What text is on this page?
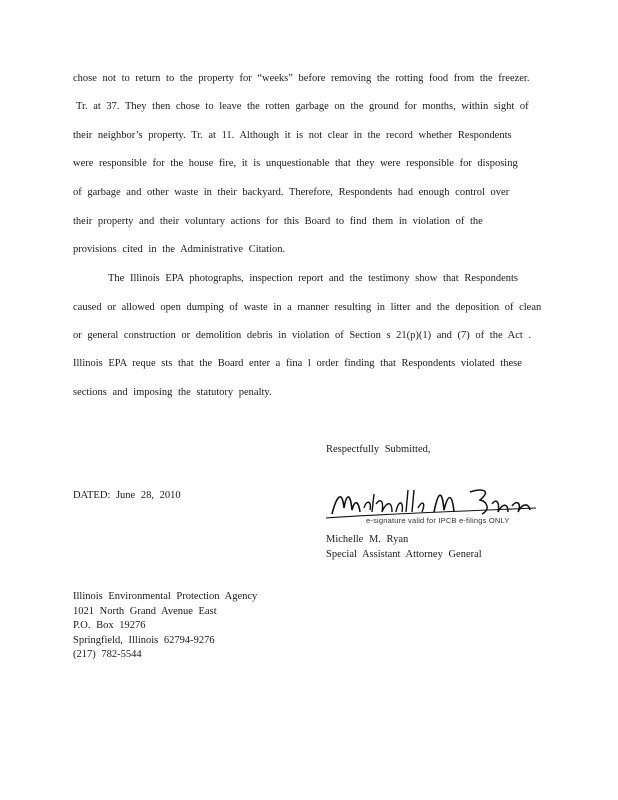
chose not to return to the property for “weeks” before removing the rotting food from the freezer.
Tr. at 37. They then chose to leave the rotten garbage on the ground for months, within sight of
their neighbor’s property. Tr. at 11. Although it is not clear in the record whether Respondents
were responsible for the house fire, it is unquestionable that they were responsible for disposing
of garbage and other waste in their backyard. Therefore, Respondents had enough control over
their property and their voluntary actions for this Board to find them in violation of the
provisions cited in the Administrative Citation.
The Illinois EPA photographs, inspection report and the testimony show that Respondents
caused or allowed open dumping of waste in a manner resulting in litter and the deposition of clean
or general construction or demolition debris in violation of Section s 21(p)(1) and (7) of the Act .
Illinois EPA reque sts that the Board enter a fina l order finding that Respondents violated these
sections and imposing the statutory penalty.
Respectfully Submitted,
DATED: June 28, 2010
e-signature valid for IPCB e-filings ONLY
Michelle M. Ryan
Special Assistant Attorney General
Illinois Environmental Protection Agency
1021 North Grand Avenue East
P.O. Box 19276
Springfield, Illinois 62794-9276
(217) 782-5544
